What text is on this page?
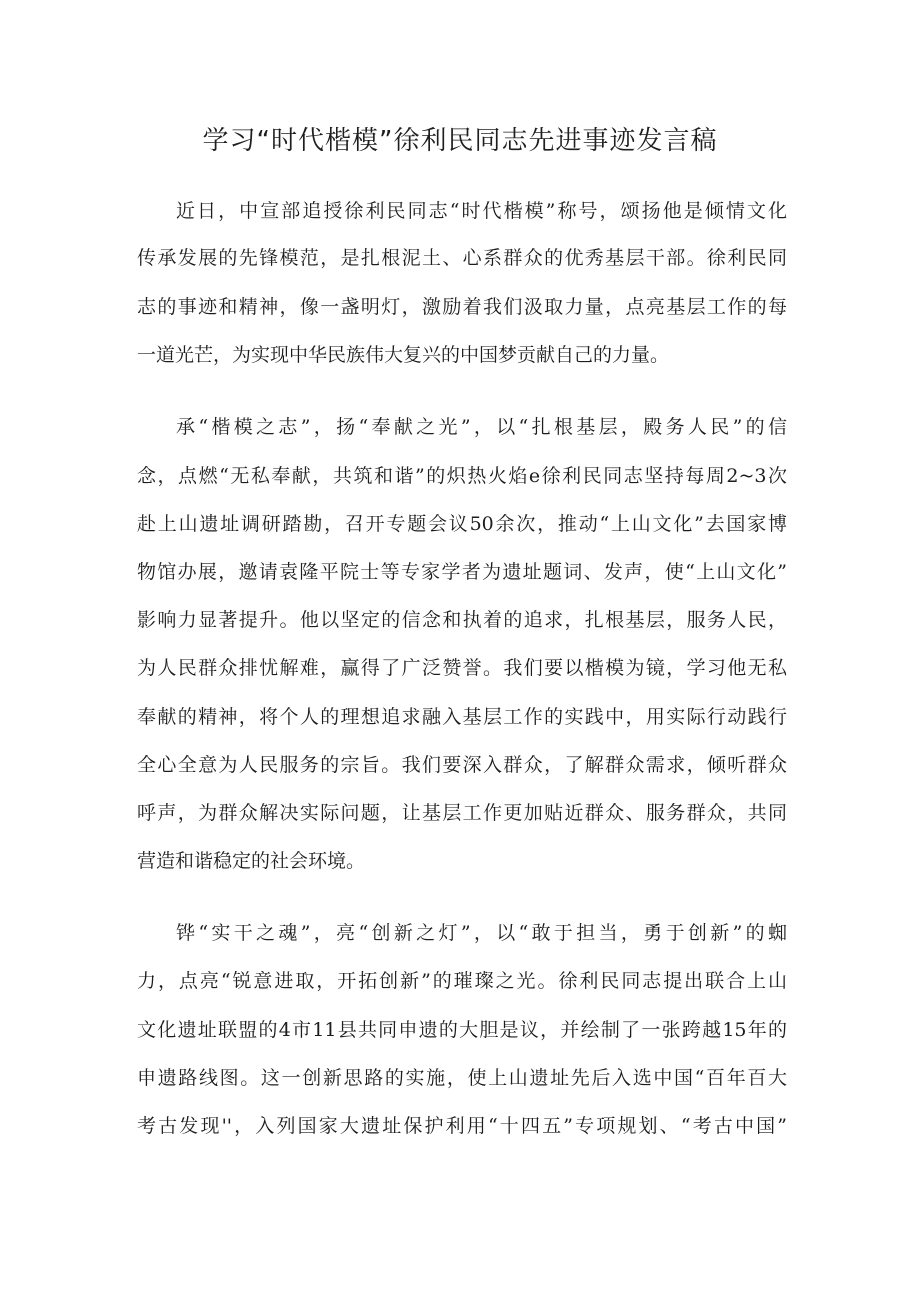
学习“时代楷模”徐利民同志先进事迹发言稿
近日，中宣部追授徐利民同志“时代楷模”称号，颂扬他是倾情文化
传承发展的先锋模范，是扎根泥土、心系群众的优秀基层干部。徐利民同
志的事迹和精神，像一盏明灯，激励着我们汲取力量，点亮基层工作的每
一道光芒，为实现中华民族伟大复兴的中国梦贡献自己的力量。
承“楷模之志”，扬“奉献之光”，以“扎根基层，殿务人民”的信
念，点燃“无私奉献，共筑和谐”的炽热火焰e徐利民同志坚持每周2~3次
赴上山遗址调研踏勘，召开专题会议50余次，推动“上山文化”去国家博
物馆办展，邀请袁隆平院士等专家学者为遗址题词、发声，使“上山文化”
影响力显著提升。他以坚定的信念和执着的追求，扎根基层，服务人民，
为人民群众排忧解难，赢得了广泛赞誉。我们要以楷模为镜，学习他无私
奉献的精神，将个人的理想追求融入基层工作的实践中，用实际行动践行
全心全意为人民服务的宗旨。我们要深入群众，了解群众需求，倾听群众
呼声，为群众解决实际问题，让基层工作更加贴近群众、服务群众，共同
营造和谐稳定的社会环境。
铧“实干之魂”，亮“创新之灯”，以“敢于担当，勇于创新”的蜘
力，点亮“锐意进取，开拓创新”的璀璨之光。徐利民同志提出联合上山
文化遗址联盟的4市11县共同申遗的大胆是议，并绘制了一张跨越15年的
申遗路线图。这一创新思路的实施，使上山遗址先后入选中国“百年百大
考古发现''，入列国家大遗址保护利用“十四五”专项规划、“考古中国”
